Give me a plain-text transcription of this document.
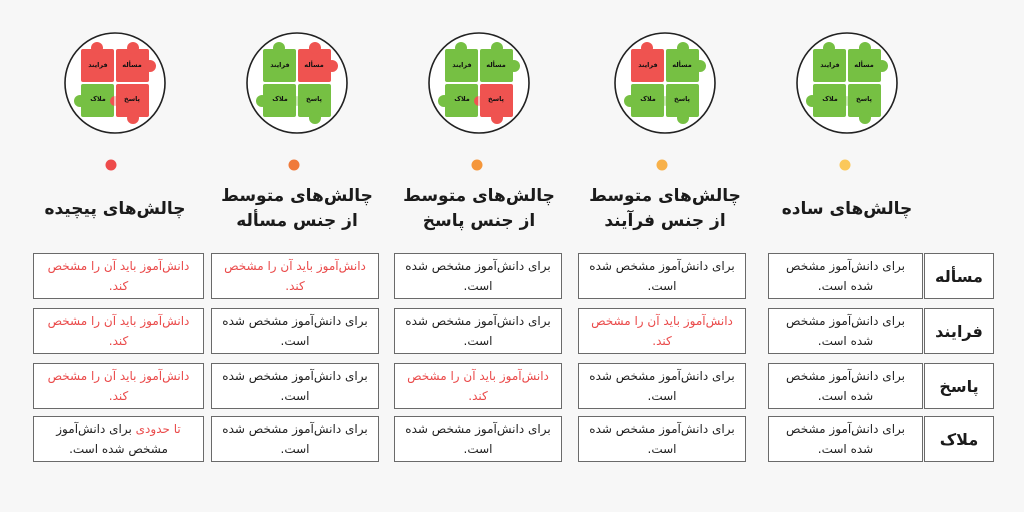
فرایند مسأله
ملاک	پاسخ
فرایند مسأله
ملاک	پاسخ
فرایند مسأله
ملاک	پاسخ
فرایند مسأله
ملاک	پاسخ
فرایند مسأله
ملاک	پاسخ
چالش‌های ساده
چالش‌های متوسط از جنس فرآیند
چالش‌های متوسط از جنس پاسخ
چالش‌های متوسط از جنس مسأله
چالش‌های پیچیده
مسأله
برای دانش‌آموز مشخص شده است.
برای دانش‌آموز مشخص شده است.
برای دانش‌آموز مشخص شده است.
دانش‌آموز باید آن را مشخص کند.
دانش‌آموز باید آن را مشخص کند.
فرایند
برای دانش‌آموز مشخص شده است.
دانش‌آموز باید آن را مشخص کند.
برای دانش‌آموز مشخص شده است.
برای دانش‌آموز مشخص شده است.
دانش‌آموز باید آن را مشخص کند.
پاسخ
برای دانش‌آموز مشخص شده است.
برای دانش‌آموز مشخص شده است.
دانش‌آموز باید آن را مشخص کند.
برای دانش‌آموز مشخص شده است.
دانش‌آموز باید آن را مشخص کند.
ملاک
برای دانش‌آموز مشخص شده است.
برای دانش‌آموز مشخص شده است.
برای دانش‌آموز مشخص شده است.
برای دانش‌آموز مشخص شده است.
تا حدودی برای دانش‌آموز مشخص شده است.
